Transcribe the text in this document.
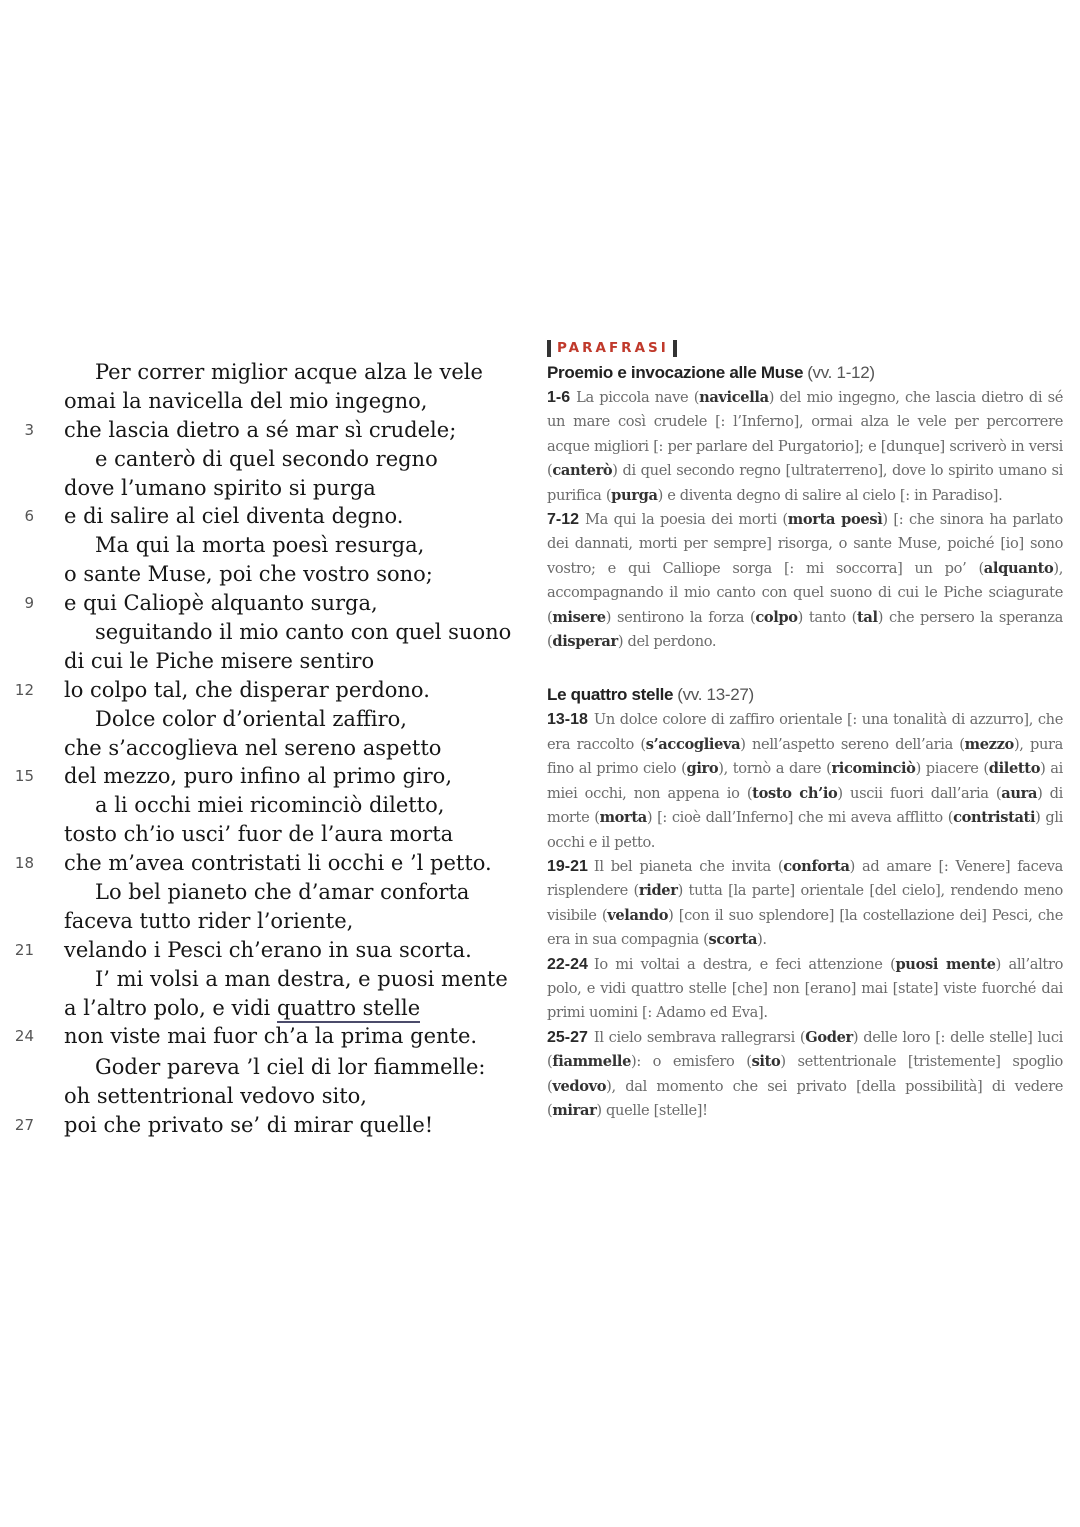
Per correr miglior acque alza le vele
omai la navicella del mio ingegno,
3 che lascia dietro a sé mar sì crudele;
e canterò di quel secondo regno
dove l’umano spirito si purga
6 e di salire al ciel diventa degno.
Ma qui la morta poesì resurga,
o sante Muse, poi che vostro sono;
9 e qui Caliopè alquanto surga,
seguitando il mio canto con quel suono
di cui le Piche misere sentiro
12 lo colpo tal, che disperar perdono.
Dolce color d’oriental zaffiro,
che s’accoglieva nel sereno aspetto
15 del mezzo, puro infino al primo giro,
a li occhi miei ricominciò diletto,
tosto ch’io usci’ fuor de l’aura morta
18 che m’avea contristati li occhi e ’l petto.
Lo bel pianeto che d’amar conforta
faceva tutto rider l’oriente,
21 velando i Pesci ch’erano in sua scorta.
I’ mi volsi a man destra, e puosi mente
a l’altro polo, e vidi quattro stelle
24 non viste mai fuor ch’a la prima gente.
Goder pareva ’l ciel di lor fiammelle:
oh settentrional vedovo sito,
27 poi che privato se’ di mirar quelle!
PARAFRASI
Proemio e invocazione alle Muse (vv. 1-12)

1-6 La piccola nave (navicella) del mio ingegno, che lascia dietro di sé un mare così crudele [: l’Inferno], ormai alza le vele per percorrere acque migliori [: per parlare del Purgatorio]; e [dunque] scriverò in versi (canterò) di quel secondo regno [ultraterreno], dove lo spirito umano si purifica (purga) e diventa degno di salire al cielo [: in Paradiso].

7-12 Ma qui la poesia dei morti (morta poesì) [: che sinora ha parlato dei dannati, morti per sempre] risorga, o sante Muse, poiché [io] sono vostro; e qui Calliope sorga [: mi soccorra] un po’ (alquanto), accompagnando il mio canto con quel suono di cui le Piche sciagurate (misere) sentirono la forza (colpo) tanto (tal) che persero la speranza (disperar) del perdono.

Le quattro stelle (vv. 13-27)

13-18 Un dolce colore di zaffiro orientale [: una tonalità di azzurro], che era raccolto (s’accoglieva) nell’aspetto sereno dell’aria (mezzo), pura fino al primo cielo (giro), tornò a dare (ricominciò) piacere (diletto) ai miei occhi, non appena io (tosto ch’io) uscii fuori dall’aria (aura) di morte (morta) [: cioè dall’Inferno] che mi aveva afflitto (contristati) gli occhi e il petto.

19-21 Il bel pianeta che invita (conforta) ad amare [: Venere] faceva risplendere (rider) tutta [la parte] orientale [del cielo], rendendo meno visibile (velando) [con il suo splendore] [la costellazione dei] Pesci, che era in sua compagnia (scorta).

22-24 Io mi voltai a destra, e feci attenzione (puosi mente) all’altro polo, e vidi quattro stelle [che] non [erano] mai [state] viste fuorché dai primi uomini [: Adamo ed Eva].

25-27 Il cielo sembrava rallegrarsi (Goder) delle loro [: delle stelle] luci (fiammelle): o emisfero (sito) settentrionale [tristemente] spoglio (vedovo), dal momento che sei privato [della possibilità] di vedere (mirar) quelle [stelle]!
